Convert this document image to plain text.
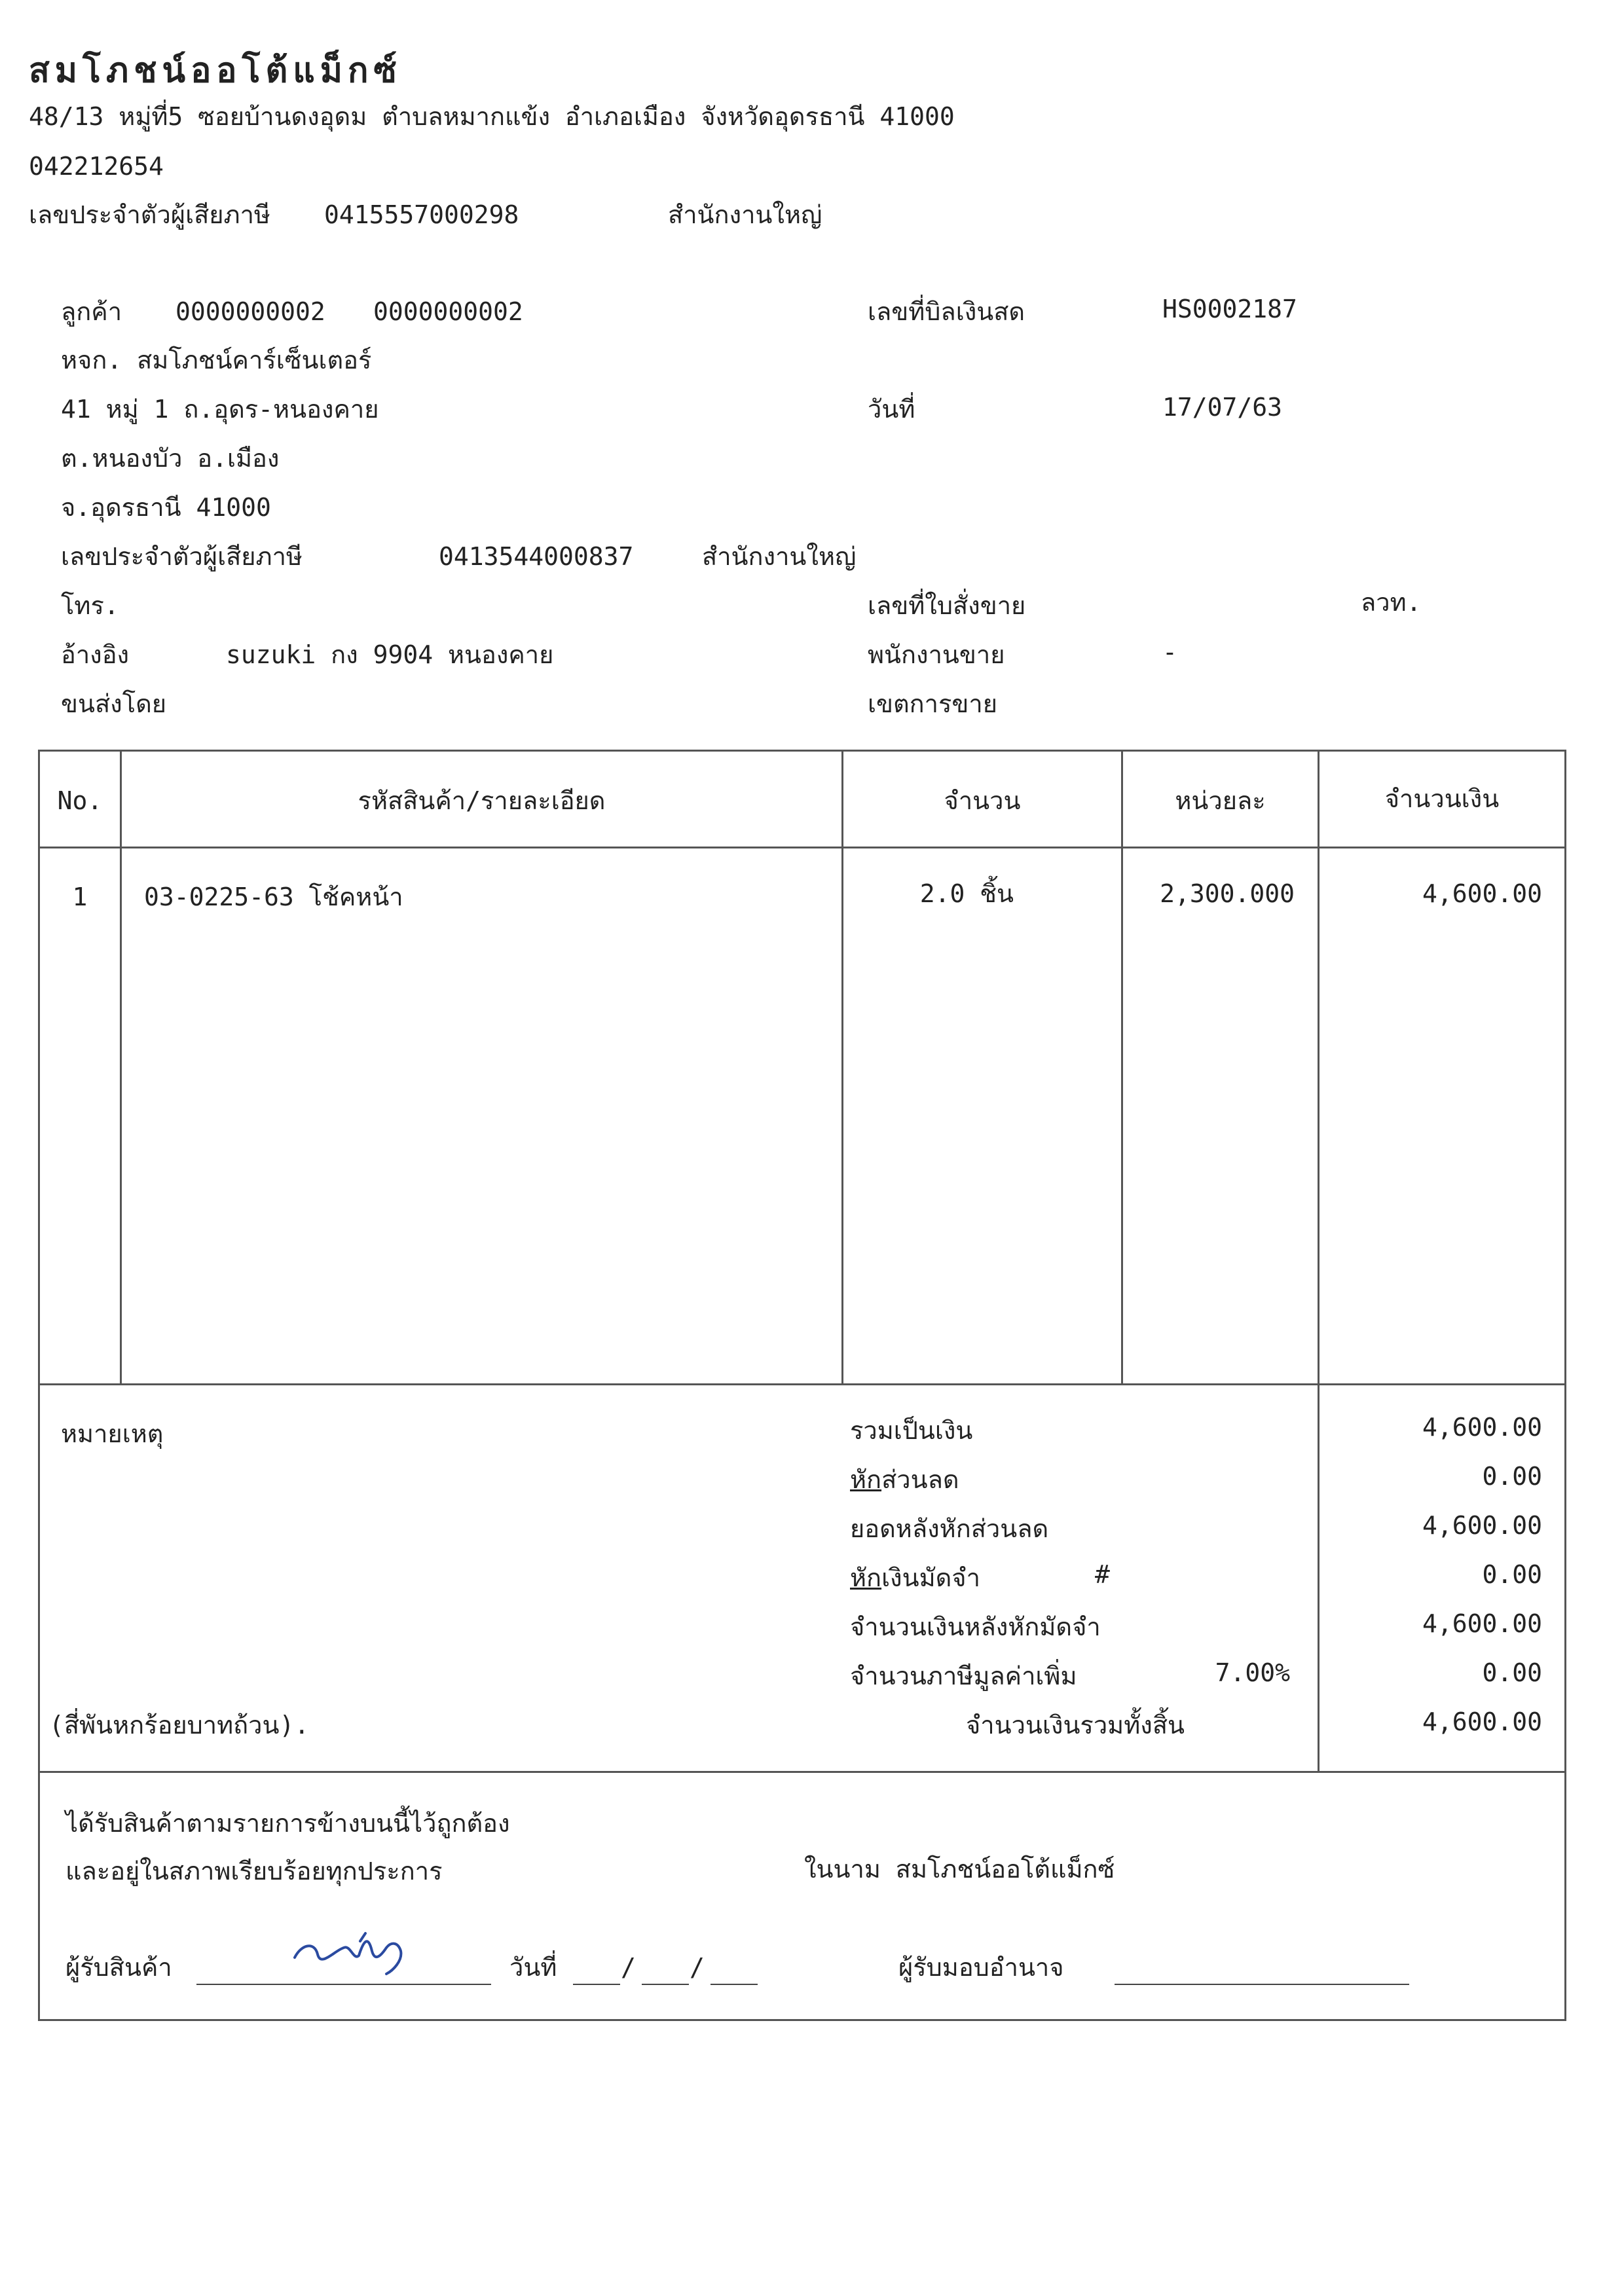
สมโภชน์ออโต้แม็กซ์
48/13 หมู่ที่5 ซอยบ้านดงอุดม ตำบลหมากแข้ง อำเภอเมือง จังหวัดอุดรธานี 41000
042212654
เลขประจำตัวผู้เสียภาษี 0415557000298	สำนักงานใหญ่
ลูกค้า 0000000002 0000000002
หจก. สมโภชน์คาร์เซ็นเตอร์
41 หมู่ 1 ถ.อุดร-หนองคาย
ต.หนองบัว อ.เมือง
จ.อุดรธานี 41000
เลขประจำตัวผู้เสียภาษี	0413544000837	สำนักงานใหญ่
โทร.
อ้างอิง	suzuki กง 9904 หนองคาย
ขนส่งโดย
เลขที่บิลเงินสด	HS0002187
วันที่	17/07/63
เลขที่ใบสั่งขาย	ลวท.
พนักงานขาย	-
เขตการขาย
No.	รหัสสินค้า/รายละเอียด	จำนวน	หน่วยละ	จำนวนเงิน
1	03-0225-63 โช้คหน้า	2.0 ชิ้น	2,300.000	4,600.00
หมายเหตุ
(สี่พันหกร้อยบาทถ้วน).
รวมเป็นเงิน	4,600.00
หักส่วนลด	0.00
ยอดหลังหักส่วนลด	4,600.00
หักเงินมัดจำ	#	0.00
จำนวนเงินหลังหักมัดจำ	4,600.00
จำนวนภาษีมูลค่าเพิ่ม	7.00%	0.00
จำนวนเงินรวมทั้งสิ้น	4,600.00
ได้รับสินค้าตามรายการข้างบนนี้ไว้ถูกต้อง
และอยู่ในสภาพเรียบร้อยทุกประการ	ในนาม สมโภชน์ออโต้แม็กซ์
ผู้รับสินค้า	วันที่	/ /	ผู้รับมอบอำนาจ
